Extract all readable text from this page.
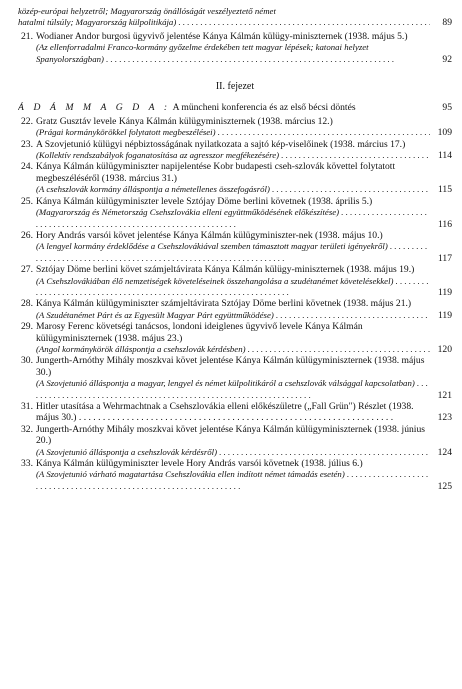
közép-európai helyzetről; Magyarország önállóságát veszélyeztető német
hatalmi túlsúly; Magyarország külpolitikája) . . .	89
21. Wodianer Andor burgosi ügyvivő jelentése Kánya Kálmán külügy-miniszternek (1938. május 5.)
(Az ellenforradalmi Franco-kormány győzelme érdekében tett magyar lépések; katonai helyzet Spanyolországban) . . .	92
II. fejezet
Á D Á M M A G D A : A müncheni konferencia és az első bécsi döntés	95
22. Gratz Gusztáv levele Kánya Kálmán külügyminiszternek (1938. március 12.)
(Prágai kormánykörökkel folytatott megbeszélései) . . .	109
23. A Szovjetunió külügyi népbiztosságának nyilatkozata a sajtó kép-viselőinek (1938. március 17.)
(Kollektív rendszabályok foganatosítása az agresszor megfékezésére) . . .	114
24. Kánya Kálmán külügyminiszter napijelentése Kobr budapesti cseh-szlovák követtel folytatott megbeszéléséről (1938. március 31.)
(A csehszlovák kormány álláspontja a németellenes összefogásról) . . .	115
25. Kánya Kálmán külügyminiszter levele Sztójay Döme berlini követnek (1938. április 5.)
(Magyarország és Németország Csehszlovákia elleni együttműködésének előkészítése) . . .
116
26. Hory András varsói követ jelentése Kánya Kálmán külügyminiszter-nek (1938. május 10.)
(A lengyel kormány érdeklődése a Csehszlovákiával szemben támasztott magyar területi igényekről) . . .
117
27. Sztójay Döme berlini követ számjeltávirata Kánya Kálmán külügy-miniszternek (1938. május 19.)
(A Csehszlovákiában élő nemzetiségek követeléseinek összehangolása a szudétanémet követelésekkel) . . .
119
28. Kánya Kálmán külügyminiszter számjeltávirata Sztójay Döme berlini követnek (1938. május 21.)
(A Szudétanémet Párt és az Egyesült Magyar Párt együttműködése) . . .	119
29. Marosy Ferenc követségi tanácsos, londoni ideiglenes ügyvivő levele Kánya Kálmán külügyminiszternek (1938. május 23.)
(Angol kormánykörök álláspontja a csehszlovák kérdésben) . . .	120
30. Jungerth-Arnóthy Mihály moszkvai követ jelentése Kánya Kálmán külügyminiszternek (1938. május 30.)
(A Szovjetunió álláspontja a magyar, lengyel és német külpolitikáról a csehszlovák válsággal kapcsolatban) . . .
121
31. Hitler utasítása a Wehrmachtnak a Csehszlovákia elleni előkészületre („Fall Grün") Részlet (1938. május 30.) . . .	123
32. Jungerth-Arnóthy Mihály moszkvai követ jelentése Kánya Kálmán külügyminiszternek (1938. június 20.)
(A Szovjetunió álláspontja a csehszlovák kérdésről) . . .	124
33. Kánya Kálmán külügyminiszter levele Hory András varsói követnek (1938. július 6.)
(A Szovjetunió várható magatartása Csehszlovákia ellen indított német támadás esetén) . . .
125
